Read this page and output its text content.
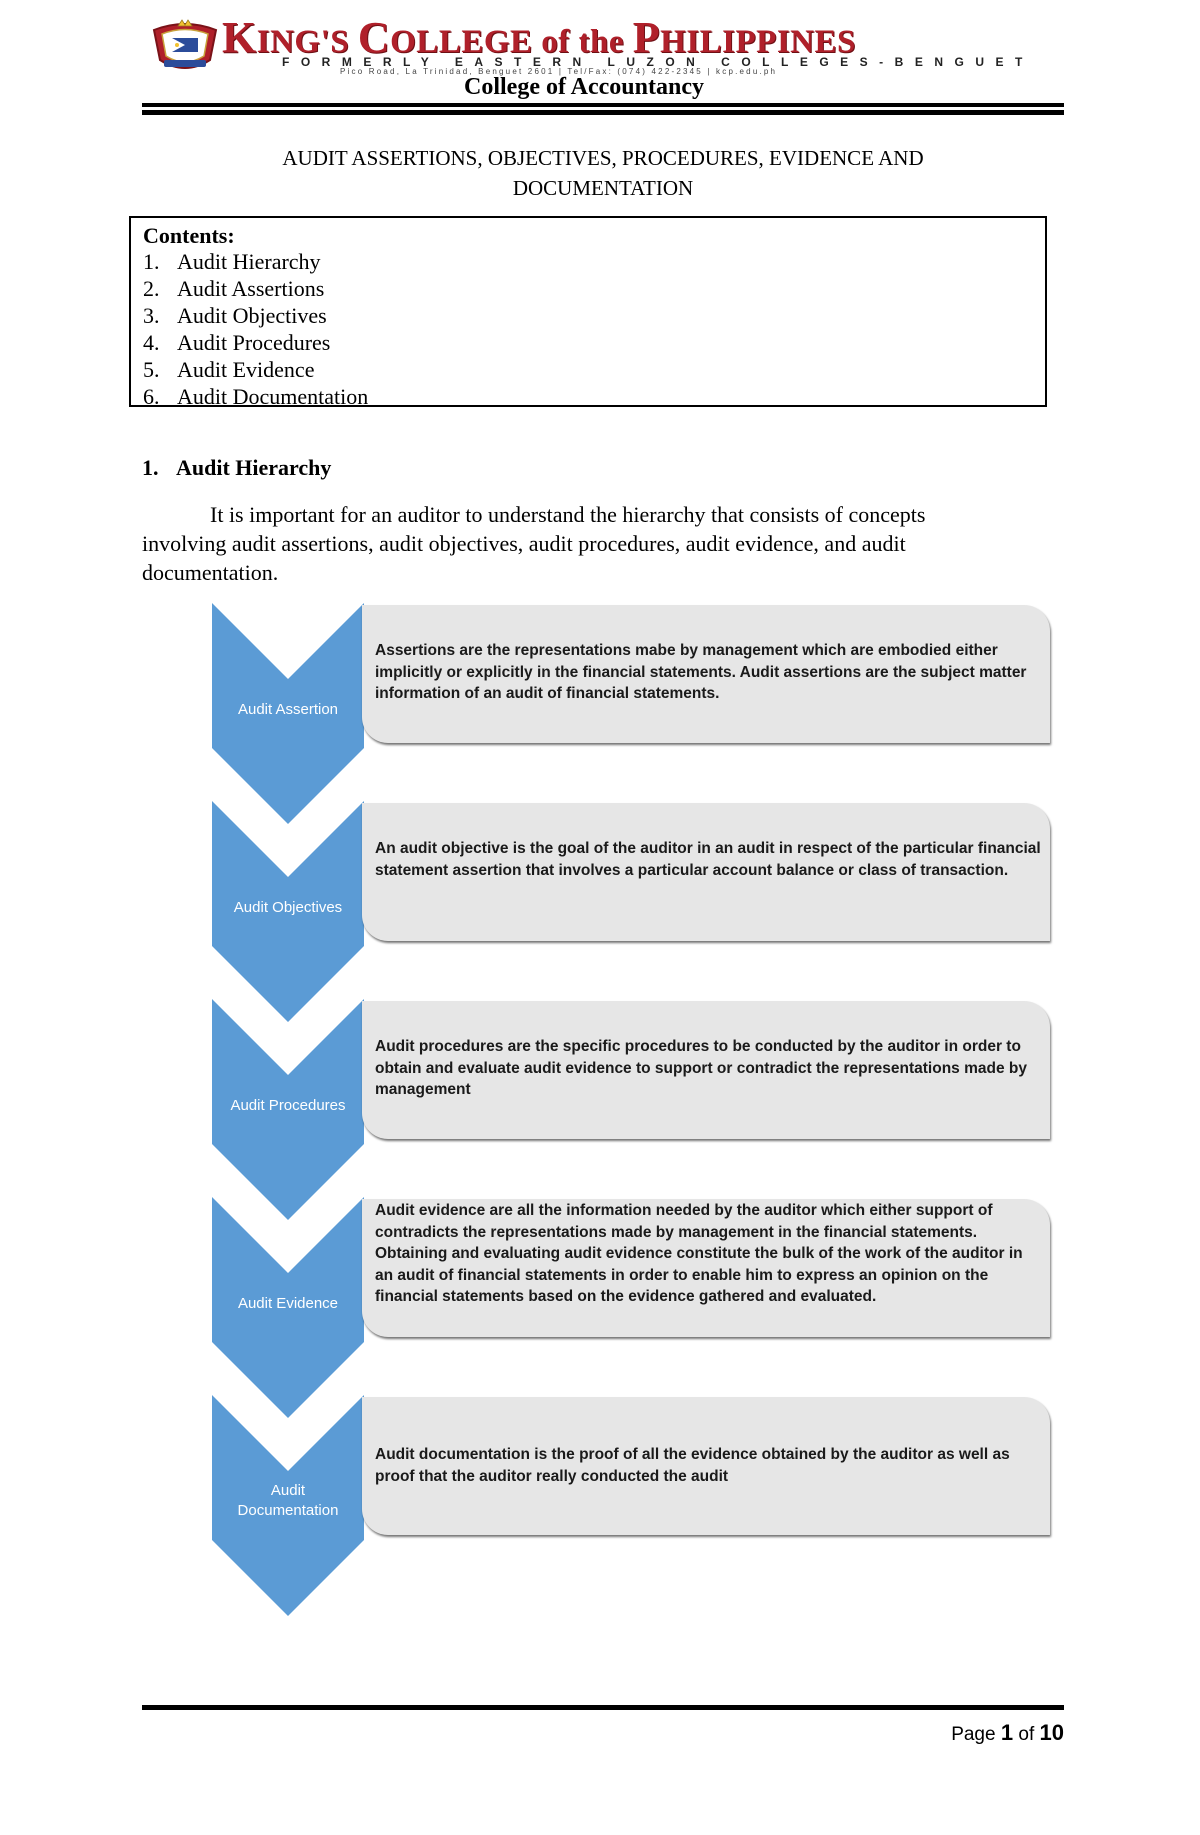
KING'S COLLEGE of the PHILIPPINES
FORMERLY EASTERN LUZON COLLEGES-BENGUET
Pico Road, La Trinidad, Benguet 2601 | Tel/Fax: (074) 422-2345 | kcp.edu.ph
College of Accountancy
AUDIT ASSERTIONS, OBJECTIVES, PROCEDURES, EVIDENCE AND
DOCUMENTATION
Contents:
1. Audit Hierarchy
2. Audit Assertions
3. Audit Objectives
4. Audit Procedures
5. Audit Evidence
6. Audit Documentation
1. Audit Hierarchy
It is important for an auditor to understand the hierarchy that consists of concepts involving audit assertions, audit objectives, audit procedures, audit evidence, and audit documentation.
Audit Assertion
Assertions are the representations mabe by management which are embodied either implicitly or explicitly in the financial statements. Audit assertions are the subject matter information of an audit of financial statements.
Audit Objectives
An audit objective is the goal of the auditor in an audit in respect of the particular financial statement assertion that involves a particular account balance or class of transaction.
Audit Procedures
Audit procedures are the specific procedures to be conducted by the auditor in order to obtain and evaluate audit evidence to support or contradict the representations made by management
Audit Evidence
Audit evidence are all the information needed by the auditor which either support of contradicts the representations made by management in the financial statements. Obtaining and evaluating audit evidence constitute the bulk of the work of the auditor in an audit of financial statements in order to enable him to express an opinion on the financial statements based on the evidence gathered and evaluated.
Audit
Documentation
Audit documentation is the proof of all the evidence obtained by the auditor as well as proof that the auditor really conducted the audit
Page 1 of 10
